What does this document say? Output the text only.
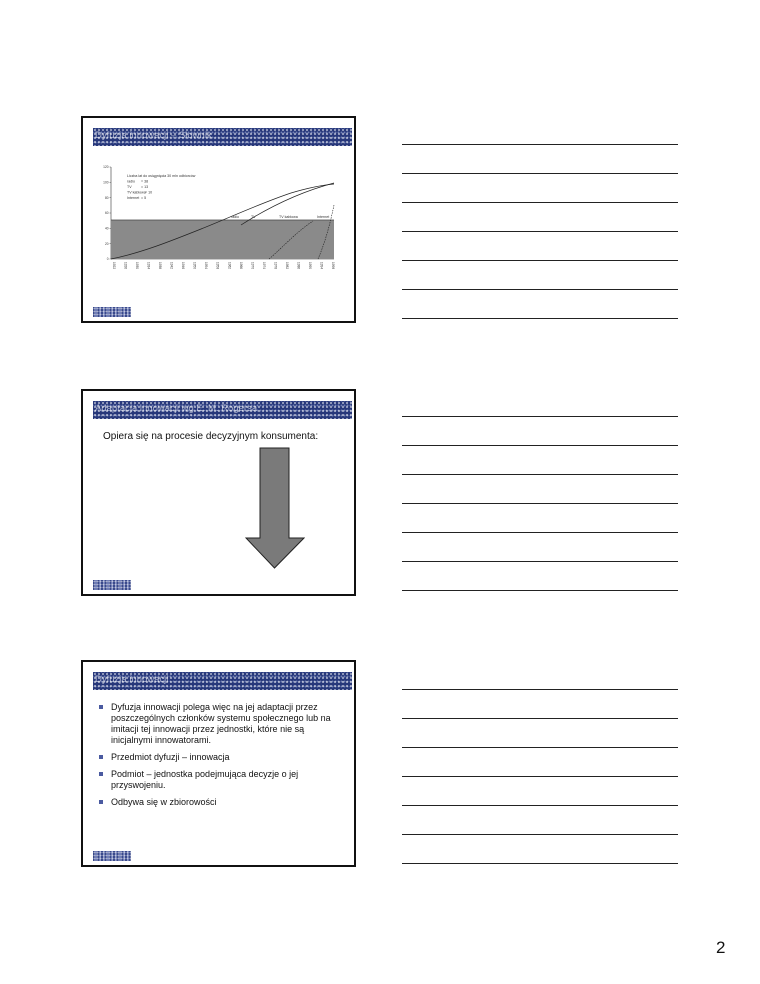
Dyfuzja innowacji – Słownik
0
20
40
60
80
100
120
1922 1926 1930 1934 1938 1942 1946 1950 1954 1958 1962 1966 1970 1974 1978 1982 1986 1990 1994 1998
Liczba lat do osiągnięcia 30 mln odbiorców
radio = 38
TV	= 13
TV kablowa = 10
Internet = 5
radio	TV	TV kablowa	Internet
Adaptacja innowacji wg E. M. Rogersa
Opiera się na procesie decyzyjnym konsumenta:
Dyfuzja innowacji
Dyfuzja innowacji polega więc na jej adaptacji przez poszczególnych członków systemu społecznego lub na imitacji tej innowacji przez jednostki, które nie są inicjalnymi innowatorami.
Przedmiot dyfuzji – innowacja
Podmiot – jednostka podejmująca decyzje o jej przyswojeniu.
Odbywa się w zbiorowości
2
